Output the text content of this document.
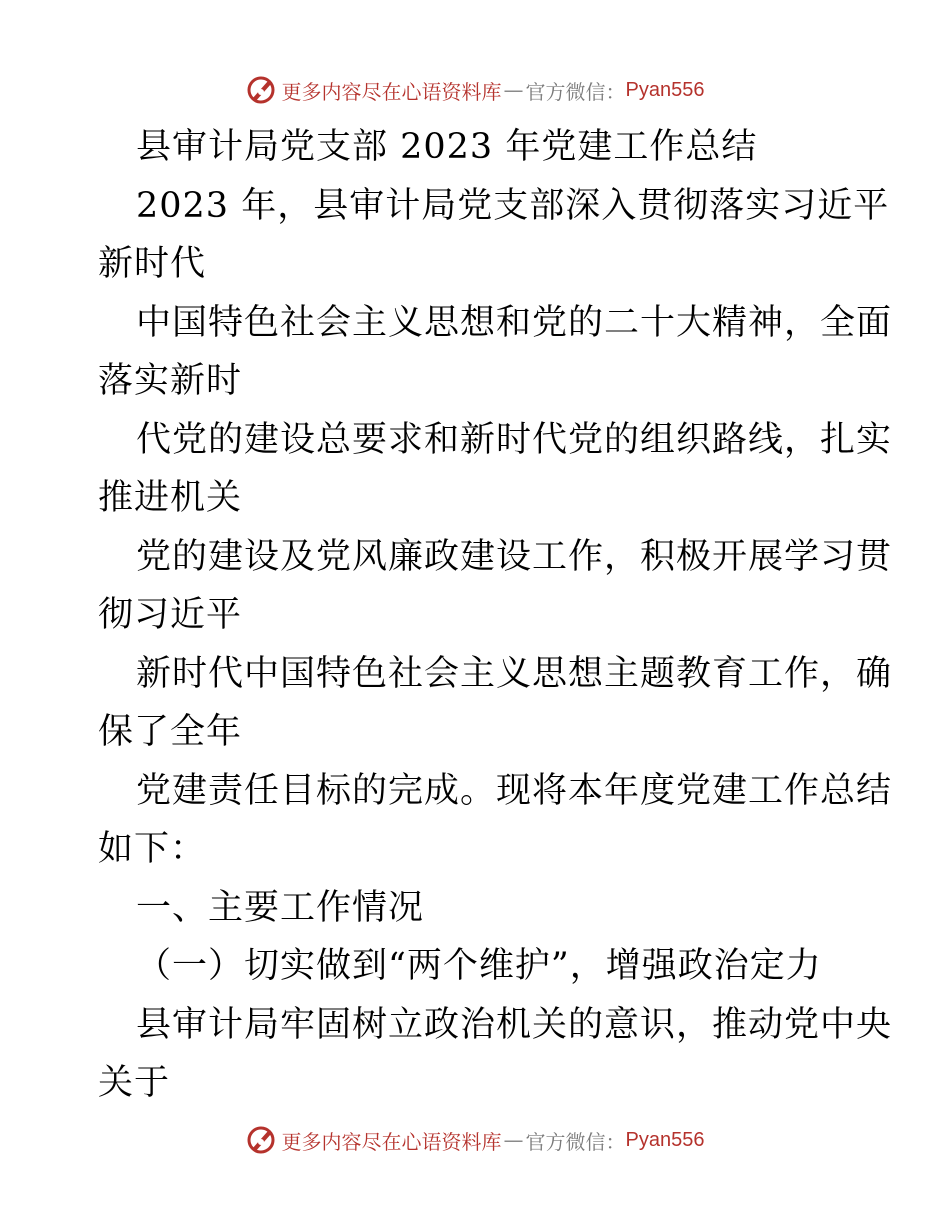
更多内容尽在心语资料库 — 官方微信： Pyan556
县审计局党支部 2023 年党建工作总结
2023 年，县审计局党支部深入贯彻落实习近平
新时代
中国特色社会主义思想和党的二十大精神，全面
落实新时
代党的建设总要求和新时代党的组织路线，扎实
推进机关
党的建设及党风廉政建设工作，积极开展学习贯
彻习近平
新时代中国特色社会主义思想主题教育工作，确
保了全年
党建责任目标的完成。现将本年度党建工作总结
如下：
一、主要工作情况
（一）切实做到“两个维护”，增强政治定力
县审计局牢固树立政治机关的意识，推动党中央
关于
更多内容尽在心语资料库 — 官方微信： Pyan556
